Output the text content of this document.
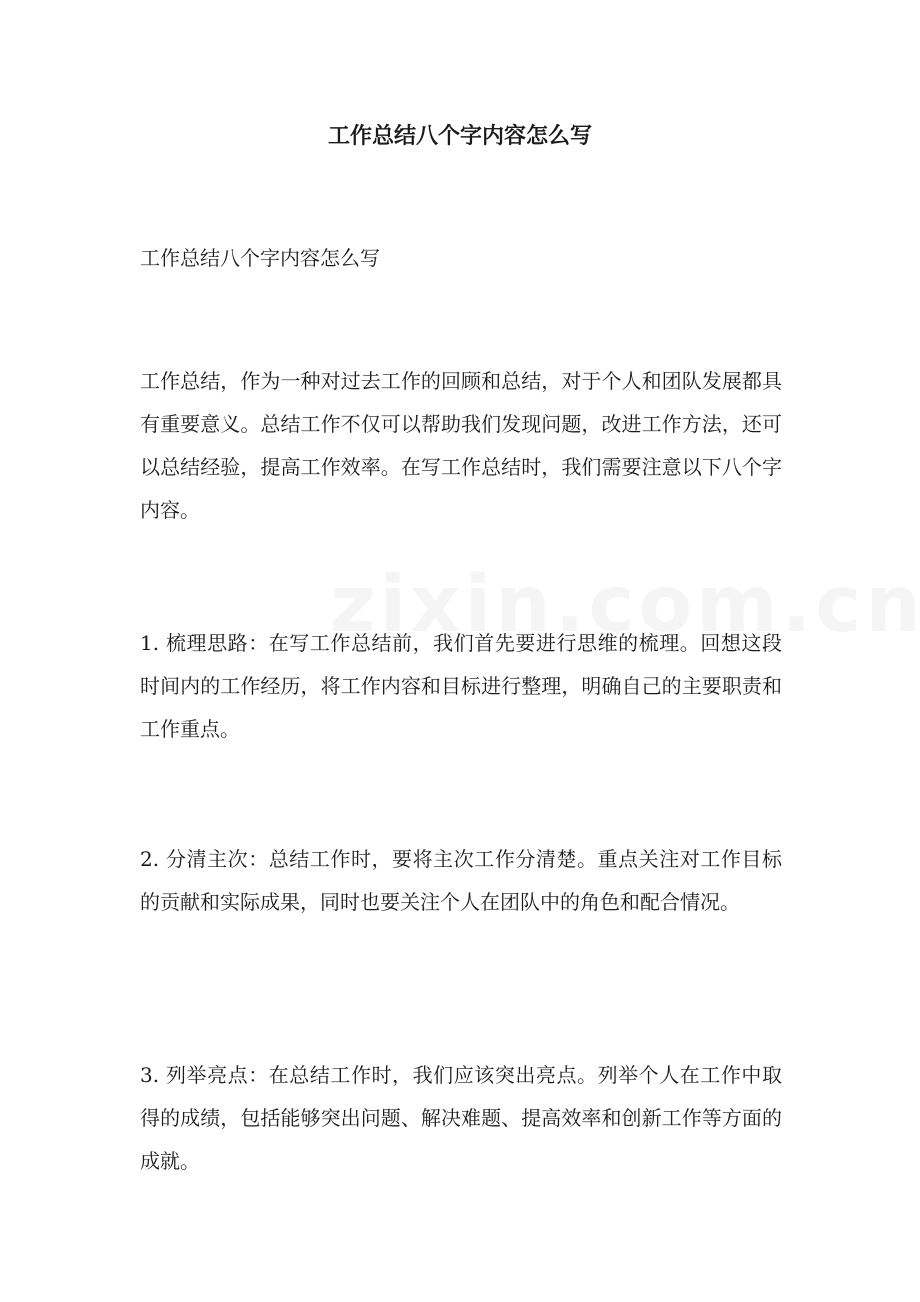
工作总结八个字内容怎么写

工作总结八个字内容怎么写

工作总结，作为一种对过去工作的回顾和总结，对于个人和团队发展都具有重要意义。总结工作不仅可以帮助我们发现问题，改进工作方法，还可以总结经验，提高工作效率。在写工作总结时，我们需要注意以下八个字内容。

1. 梳理思路：在写工作总结前，我们首先要进行思维的梳理。回想这段时间内的工作经历，将工作内容和目标进行整理，明确自己的主要职责和工作重点。

2. 分清主次：总结工作时，要将主次工作分清楚。重点关注对工作目标的贡献和实际成果，同时也要关注个人在团队中的角色和配合情况。

3. 列举亮点：在总结工作时，我们应该突出亮点。列举个人在工作中取得的成绩，包括能够突出问题、解决难题、提高效率和创新工作等方面的成就。
